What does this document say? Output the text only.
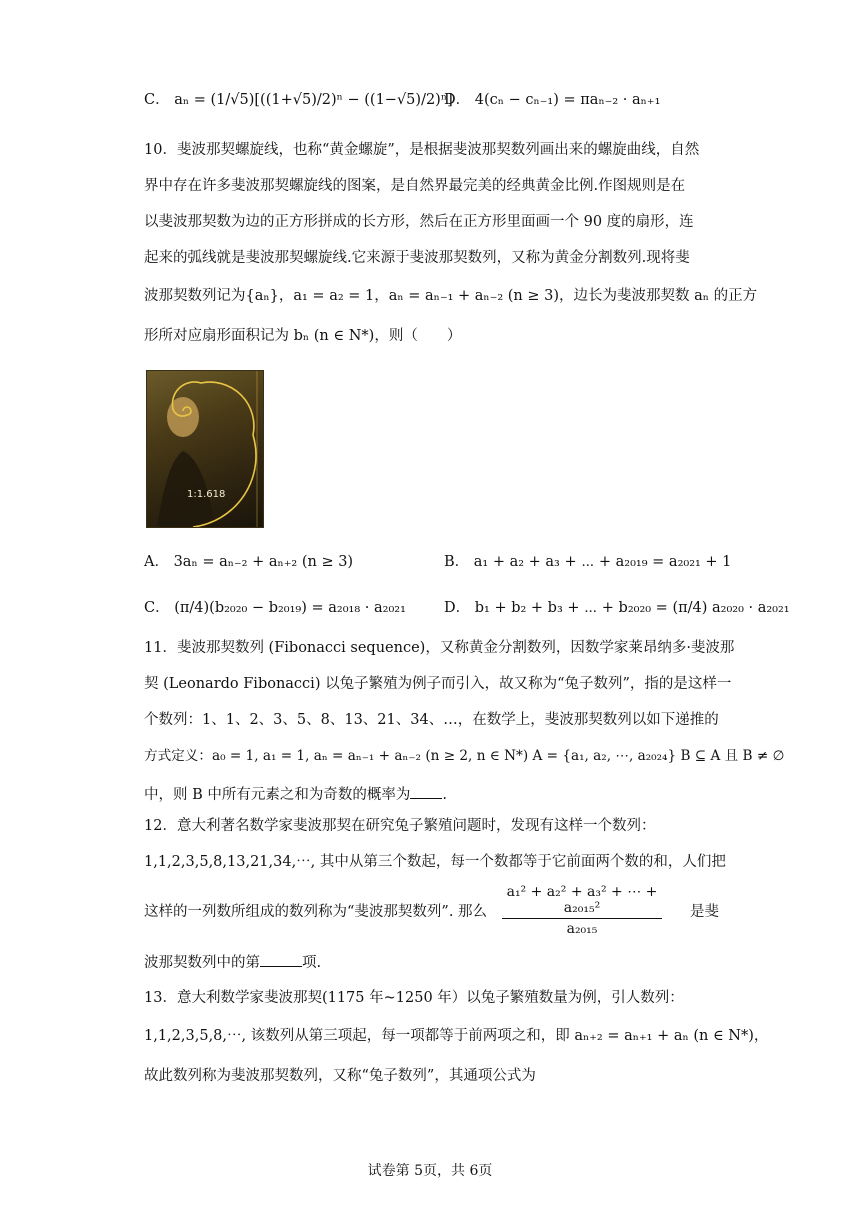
C． aₙ = (1/√5)[((1+√5)/2)ⁿ − ((1−√5)/2)ⁿ]
D． 4(cₙ − cₙ₋₁) = πaₙ₋₂ · aₙ₊₁
10．斐波那契螺旋线，也称“黄金螺旋”，是根据斐波那契数列画出来的螺旋曲线，自然
界中存在许多斐波那契螺旋线的图案，是自然界最完美的经典黄金比例.作图规则是在
以斐波那契数为边的正方形拼成的长方形，然后在正方形里面画一个 90 度的扇形，连
起来的弧线就是斐波那契螺旋线.它来源于斐波那契数列，又称为黄金分割数列.现将斐
波那契数列记为{aₙ}，a₁ = a₂ = 1，aₙ = aₙ₋₁ + aₙ₋₂ (n ≥ 3)，边长为斐波那契数 aₙ 的正方
形所对应扇形面积记为 bₙ (n ∈ N*)，则（　　）
1:1.618
A． 3aₙ = aₙ₋₂ + aₙ₊₂ (n ≥ 3)	B． a₁ + a₂ + a₃ + ⋯ + a₂₀₁₉ = a₂₀₂₁ + 1
C． (π/4)(b₂₀₂₀ − b₂₀₁₉) = a₂₀₁₈ · a₂₀₂₁	D． b₁ + b₂ + b₃ + ⋯ + b₂₀₂₀ = (π/4) a₂₀₂₀ · a₂₀₂₁
11．斐波那契数列 (Fibonacci sequence)，又称黄金分割数列，因数学家莱昂纳多·斐波那
契 (Leonardo Fibonacci) 以兔子繁殖为例子而引入，故又称为“兔子数列”，指的是这样一
个数列：1、1、2、3、5、8、13、21、34、…，在数学上，斐波那契数列以如下递推的
方式定义：a₀ = 1, a₁ = 1, aₙ = aₙ₋₁ + aₙ₋₂ (n ≥ 2, n ∈ N*) A = {a₁, a₂, ⋯, a₂₀₂₄} B ⊆ A 且 B ≠ ∅
中，则 B 中所有元素之和为奇数的概率为 .
12．意大利著名数学家斐波那契在研究兔子繁殖问题时，发现有这样一个数列：
1,1,2,3,5,8,13,21,34,⋯, 其中从第三个数起，每一个数都等于它前面两个数的和，人们把
这样的一列数所组成的数列称为“斐波那契数列”. 那么 $\frac{\text{a₁² + a₂² + a₃² + ⋯ + a₂₀₁₅²}}{\text{a₂₀₁₅}}$ 是斐
波那契数列中的第	项.
13．意大利数学家斐波那契(1175 年~1250 年）以兔子繁殖数量为例，引人数列：
1,1,2,3,5,8,⋯, 该数列从第三项起，每一项都等于前两项之和，即 aₙ₊₂ = aₙ₊₁ + aₙ (n ∈ N*)，
故此数列称为斐波那契数列，又称“兔子数列”，其通项公式为
试卷第 5页，共 6页
